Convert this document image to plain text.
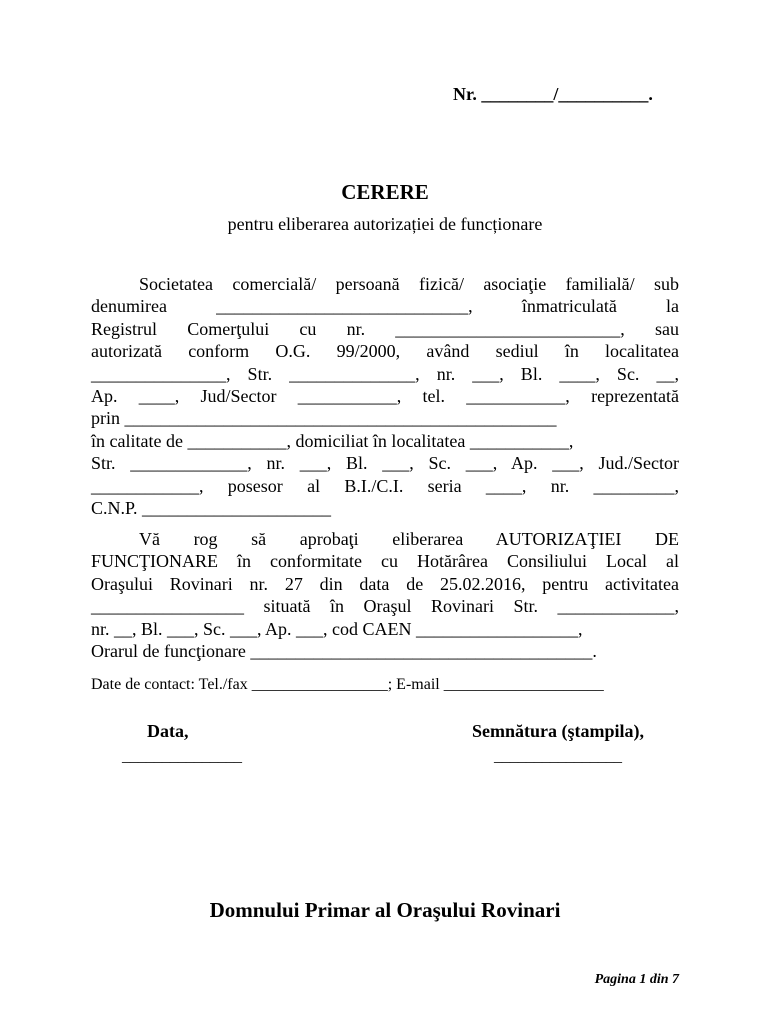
Nr. ________/__________.
CERERE
pentru eliberarea autorizației de funcționare
Societatea comercială/ persoană fizică/ asociaţie familială/ sub
denumirea ____________________________, înmatriculată la
Registrul Comerţului cu nr. _________________________, sau
autorizată conform O.G. 99/2000, având sediul în localitatea
_______________, Str. ______________, nr. ___, Bl. ____, Sc. __,
Ap. ____, Jud/Sector ___________, tel. ___________, reprezentată
prin ________________________________________________
în calitate de ___________, domiciliat în localitatea ___________,
Str. _____________, nr. ___, Bl. ___, Sc. ___, Ap. ___, Jud./Sector
____________, posesor al B.I./C.I. seria ____, nr. _________,
C.N.P. _____________________
Vă rog să aprobaţi eliberarea AUTORIZAŢIEI DE
FUNCŢIONARE în conformitate cu Hotărârea Consiliului Local al
Oraşului Rovinari nr. 27 din data de 25.02.2016, pentru activitatea
_________________ situată în Oraşul Rovinari Str. _____________,
nr. __, Bl. ___, Sc. ___, Ap. ___, cod CAEN __________________,
Orarul de funcţionare ______________________________________.
Date de contact: Tel./fax _________________; E-mail ____________________
Data,	Semnătura (ştampila),
_______________	________________
Domnului Primar al Oraşului Rovinari
Pagina 1 din 7
